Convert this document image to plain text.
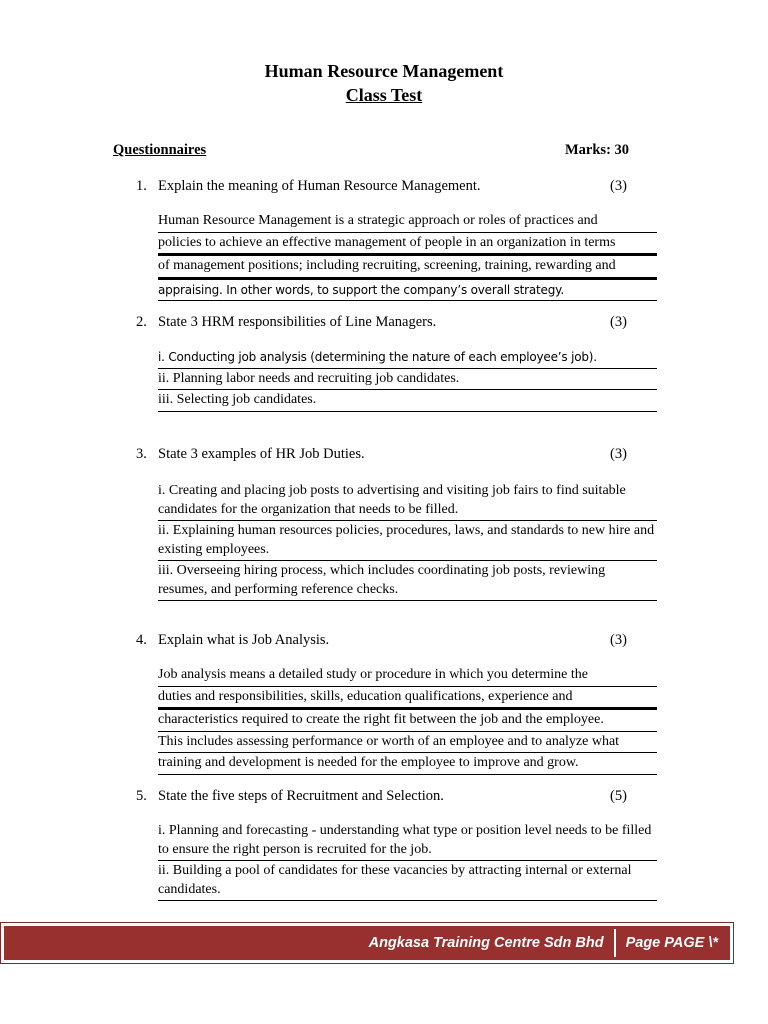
Human Resource Management
Class Test
Questionnaires	Marks: 30
1. Explain the meaning of Human Resource Management.	(3)
Human Resource Management is a strategic approach or roles of practices and
policies to achieve an effective management of people in an organization in terms
of management positions; including recruiting, screening, training, rewarding and
appraising. In other words, to support the company’s overall strategy.
2. State 3 HRM responsibilities of Line Managers.	(3)
i. Conducting job analysis (determining the nature of each employee’s job).
ii. Planning labor needs and recruiting job candidates.
iii. Selecting job candidates.
3. State 3 examples of HR Job Duties.	(3)
i. Creating and placing job posts to advertising and visiting job fairs to find suitable candidates for the organization that needs to be filled.
ii. Explaining human resources policies, procedures, laws, and standards to new hire and existing employees.
iii. Overseeing hiring process, which includes coordinating job posts, reviewing resumes, and performing reference checks.
4. Explain what is Job Analysis.	(3)
Job analysis means a detailed study or procedure in which you determine the
duties and responsibilities, skills, education qualifications, experience and
characteristics required to create the right fit between the job and the employee.
This includes assessing performance or worth of an employee and to analyze what
training and development is needed for the employee to improve and grow.
5. State the five steps of Recruitment and Selection.	(5)
i. Planning and forecasting - understanding what type or position level needs to be filled to ensure the right person is recruited for the job.
ii. Building a pool of candidates for these vacancies by attracting internal or external candidates.
Angkasa Training Centre Sdn Bhd	Page PAGE \*
